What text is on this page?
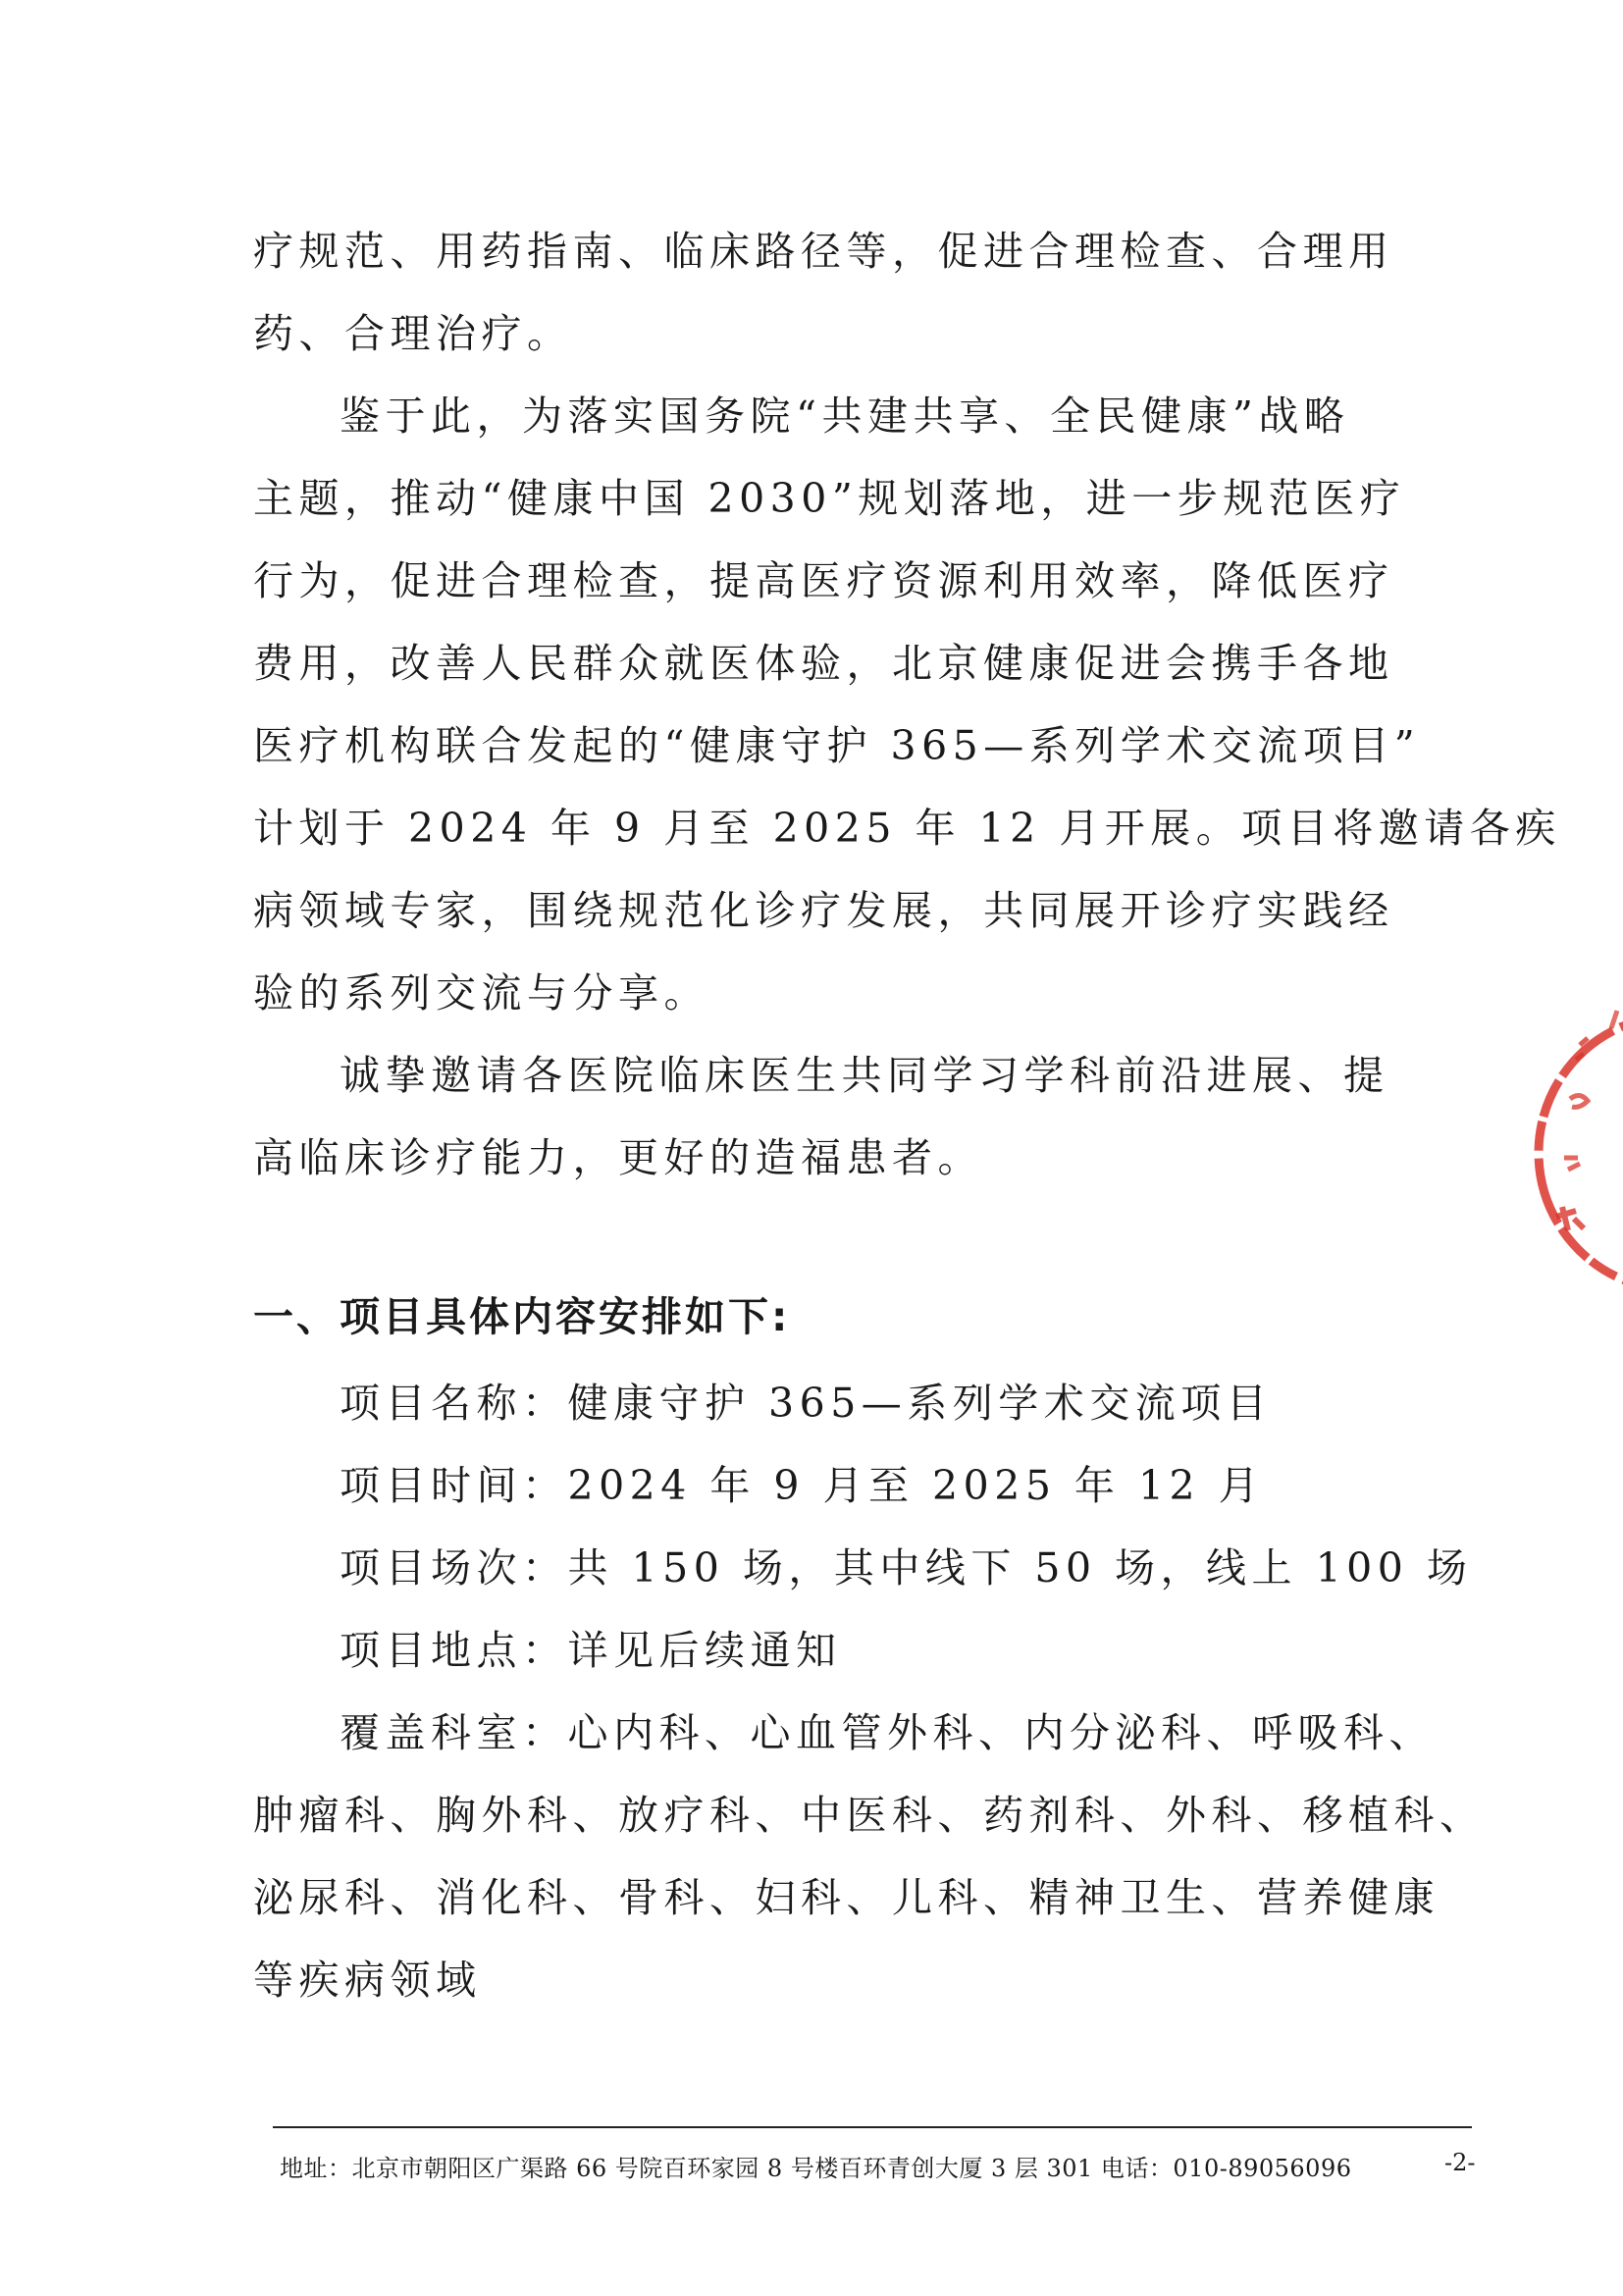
疗规范、用药指南、临床路径等，促进合理检查、合理用
药、合理治疗。
鉴于此，为落实国务院“共建共享、全民健康”战略
主题，推动“健康中国 2030”规划落地，进一步规范医疗
行为，促进合理检查，提高医疗资源利用效率，降低医疗
费用，改善人民群众就医体验，北京健康促进会携手各地
医疗机构联合发起的“健康守护 365—系列学术交流项目”
计划于 2024 年 9 月至 2025 年 12 月开展。项目将邀请各疾
病领域专家，围绕规范化诊疗发展，共同展开诊疗实践经
验的系列交流与分享。
诚挚邀请各医院临床医生共同学习学科前沿进展、提
高临床诊疗能力，更好的造福患者。
一、项目具体内容安排如下:
项目名称：健康守护 365—系列学术交流项目
项目时间：2024 年 9 月至 2025 年 12 月
项目场次：共 150 场，其中线下 50 场，线上 100 场
项目地点：详见后续通知
覆盖科室：心内科、心血管外科、内分泌科、呼吸科、
肿瘤科、胸外科、放疗科、中医科、药剂科、外科、移植科、
泌尿科、消化科、骨科、妇科、儿科、精神卫生、营养健康
等疾病领域
地址：北京市朝阳区广渠路 66 号院百环家园 8 号楼百环青创大厦 3 层 301 电话：010-89056096	-2-
